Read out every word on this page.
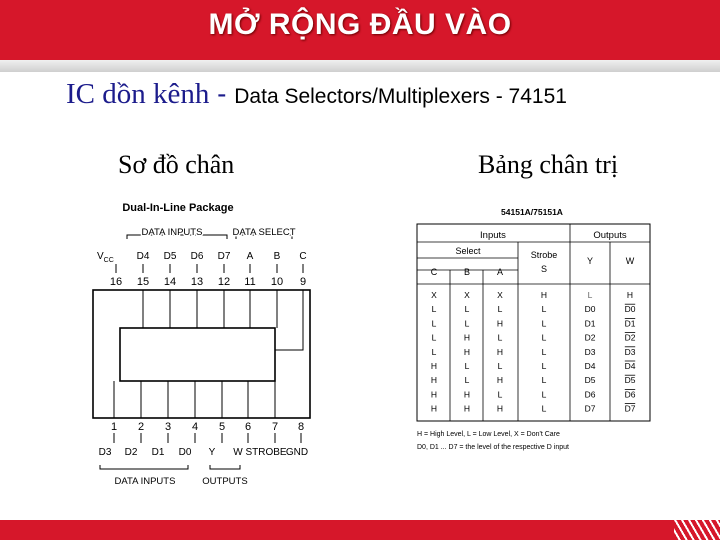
MỞ RỘNG ĐẦU VÀO
IC dồn kênh - Data Selectors/Multiplexers - 74151
Sơ đồ chân	Bảng chân trị
Dual-In-Line Package
DATA INPUTS	DATA SELECT
$V_{CC}$ D4 D5 D6 D7 A B C
16 15 14 13 12 11 10 9
1 2 3 4 5 6 7 8
D3 D2 D1 D0 Y W STROBE GND
DATA INPUTS	OUTPUTS
54151A/75151A
Inputs	Outputs
Select	Strobe
S
C	B	A
Y	W
X	X	X	H	L	H
L	L	L	L	D0	D0
L	L	H	L	D1	D1
L	H	L	L	D2	D2
L	H	H	L	D3	D3
H	L	L	L	D4	D4
H	L	H	L	D5	D5
H	H	L	L	D6	D6
H	H	H	L	D7	D7
H = High Level, L = Low Level, X = Don't Care
D0, D1 ... D7 = the level of the respective D input
